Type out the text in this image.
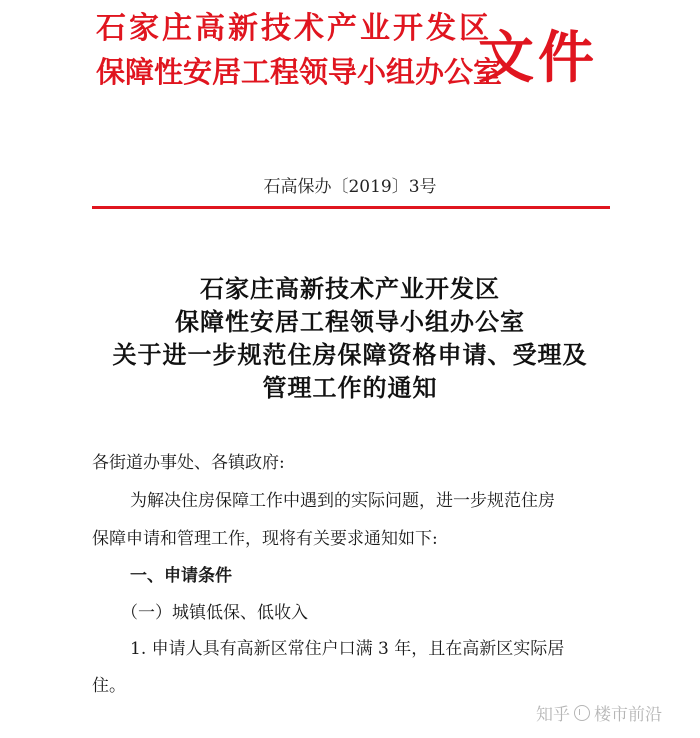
石家庄高新技术产业开发区
保障性安居工程领导小组办公室
文件
石高保办〔2019〕3号
石家庄高新技术产业开发区
保障性安居工程领导小组办公室
关于进一步规范住房保障资格申请、受理及
管理工作的通知
各街道办事处、各镇政府:
为解决住房保障工作中遇到的实际问题，进一步规范住房
保障申请和管理工作，现将有关要求通知如下:
一、申请条件
（一）城镇低保、低收入
1. 申请人具有高新区常住户口满 3 年，且在高新区实际居
住。
知乎 楼市前沿
